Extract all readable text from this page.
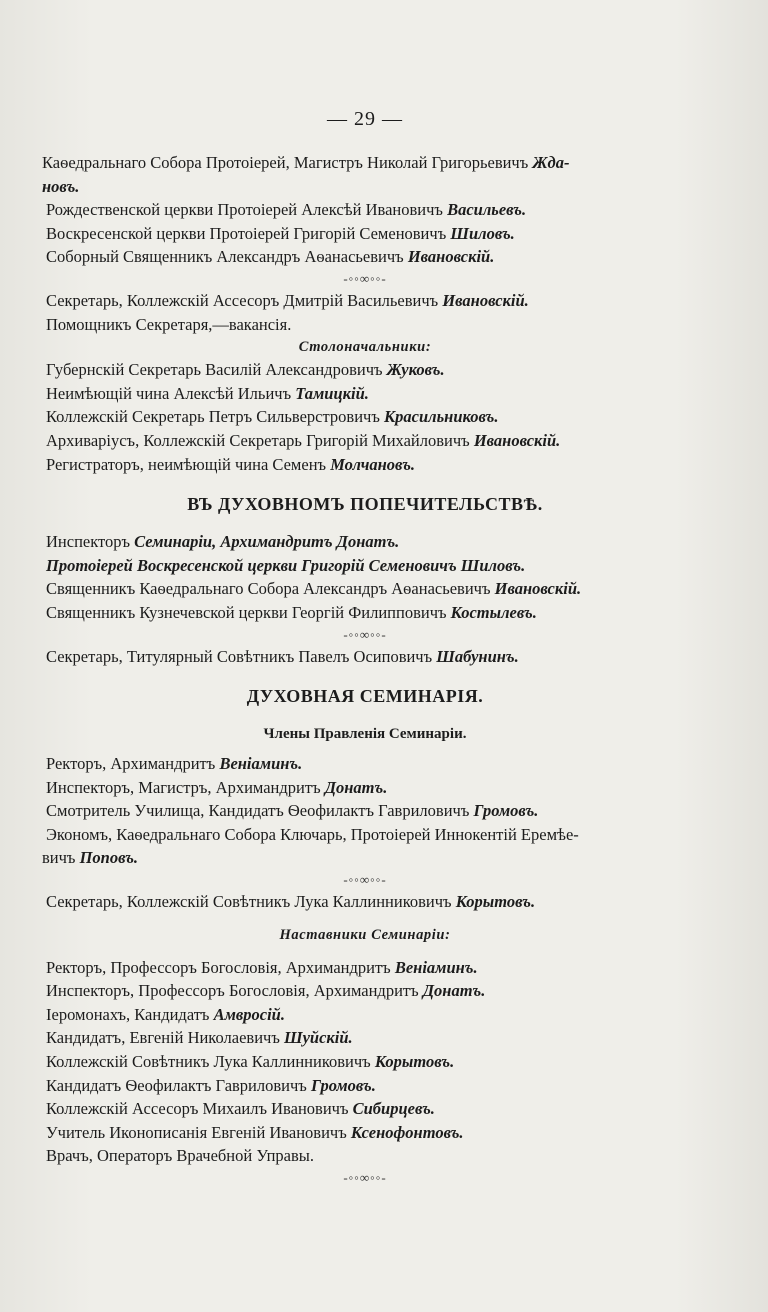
— 29 —
Каѳедральнаго Собора Протоіерей, Магистръ Николай Григорьевичъ Жда-
новъ.
Рождественской церкви Протоіерей Алексѣй Ивановичъ Васильевъ.
Воскресенской церкви Протоіерей Григорій Семеновичъ Шиловъ.
Соборный Священникъ Александръ Аѳанасьевичъ Ивановскій.
-◦◦∞◦◦-
Секретарь, Коллежскій Ассесоръ Дмитрій Васильевичъ Ивановскій.
Помощникъ Секретаря,—вакансія.
Столоначальники:
Губернскій Секретарь Василій Александровичъ Жуковъ.
Неимѣющій чина Алексѣй Ильичъ Тамицкій.
Коллежскій Секретарь Петръ Сильверстровичъ Красильниковъ.
Архиваріусъ, Коллежскій Секретарь Григорій Михайловичъ Ивановскій.
Регистраторъ, неимѣющій чина Семенъ Молчановъ.
ВЪ ДУХОВНОМЪ ПОПЕЧИТЕЛЬСТВѢ.
Инспекторъ Семинаріи, Архимандритъ Донатъ.
Протоіерей Воскресенской церкви Григорій Семеновичъ Шиловъ.
Священникъ Каѳедральнаго Собора Александръ Аѳанасьевичъ Ивановскій.
Священникъ Кузнечевской церкви Георгій Филипповичъ Костылевъ.
-◦◦∞◦◦-
Секретарь, Титулярный Совѣтникъ Павелъ Осиповичъ Шабунинъ.
ДУХОВНАЯ СЕМИНАРІЯ.
Члены Правленія Семинаріи.
Ректоръ, Архимандритъ Веніаминъ.
Инспекторъ, Магистръ, Архимандритъ Донатъ.
Смотритель Училища, Кандидатъ Ѳеофилактъ Гавриловичъ Громовъ.
Экономъ, Каѳедральнаго Собора Ключарь, Протоіерей Иннокентій Еремѣе-
вичъ Поповъ.
-◦◦∞◦◦-
Секретарь, Коллежскій Совѣтникъ Лука Каллинниковичъ Корытовъ.
Наставники Семинаріи:
Ректоръ, Профессоръ Богословія, Архимандритъ Веніаминъ.
Инспекторъ, Профессоръ Богословія, Архимандритъ Донатъ.
Іеромонахъ, Кандидатъ Амвросій.
Кандидатъ, Евгеній Николаевичъ Шуйскій.
Коллежскій Совѣтникъ Лука Каллинниковичъ Корытовъ.
Кандидатъ Ѳеофилактъ Гавриловичъ Громовъ.
Коллежскій Ассесоръ Михаилъ Ивановичъ Сибирцевъ.
Учитель Иконописанія Евгеній Ивановичъ Ксенофонтовъ.
Врачъ, Операторъ Врачебной Управы.
-◦◦∞◦◦-
